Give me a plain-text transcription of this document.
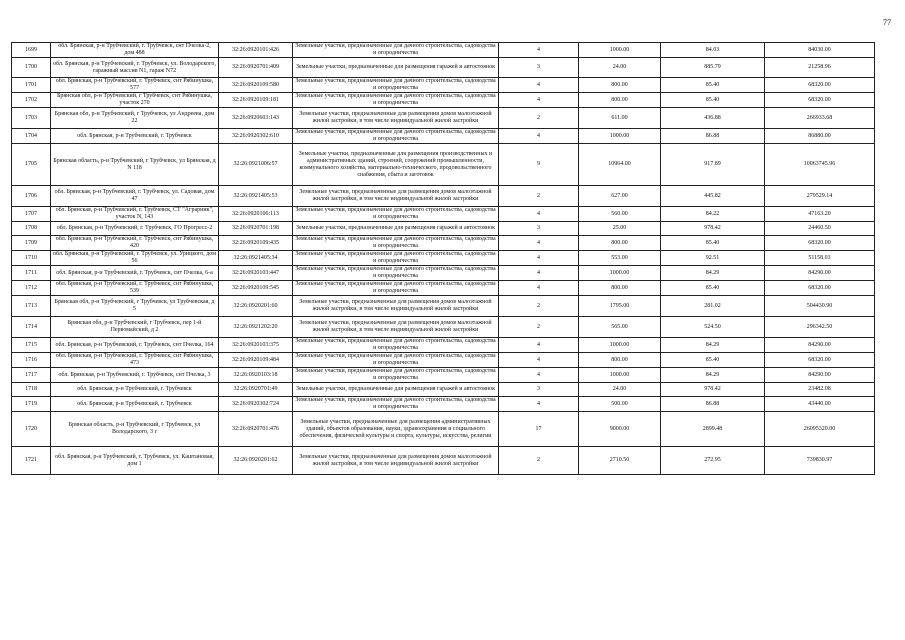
77
1699	обл. Брянская, р-н Трубчевский, г. Трубчевск, снт Пчелка-2, дом 488	32:26:0920101:426	Земельные участки, предназначенные для дачного строительства, садоводства и огородничества	4	1000.00	84.03	84030.00
1700	обл. Брянская, р-н Трубчевский, г. Трубчевск, ул. Володарского, гаражный массив N1, гараж N72	32:26:0920701:409	Земельные участки, предназначенные для размещения гаражей и автостоянок	3	24.00	885.79	21258.96
1701	обл. Брянская, р-н Трубчевский, г. Трубчевск, снт Рябинушка, 577	32:26:0920109:580	Земельные участки, предназначенные для дачного строительства, садоводства и огородничества	4	800.00	85.40	68320.00
1702	Брянская обл, р-н Трубчевский, г Трубчевск, снт Рябинушка, участок 270	32:26:0920109:181	Земельные участки, предназначенные для дачного строительства, садоводства и огородничества	4	800.00	85.40	68320.00
1703	Брянская обл, р-н Трубчевский, г Трубчевск, ул Андреева, дом 22	32:26:0920603:143	Земельные участки, предназначенные для размещения домов малоэтажной жилой застройки, в том числе индивидуальной жилой застройки	2	611.00	436.88	266933.68
1704	обл. Брянская, р-н Трубчевский, г. Трубчевск	32:26:0920302:610	Земельные участки, предназначенные для дачного строительства, садоводства и огородничества	4	1000.00	86.88	86880.00
1705	Брянская область, р-н Трубчевский, г Трубчевск, ул Брянская, д N 118	32:26:0921006:57	Земельные участки, предназначенные для размещения производственных и административных зданий, строений, сооружений промышленности, коммунального хозяйства, материально-технического, продовольственного снабжения, сбыта и заготовок	9	10964.00	917.89	10063745.96
1706	обл. Брянская, р-н Трубчевский, г. Трубчевск, ул. Садовая, дом 47	32:26:0921405:53	Земельные участки, предназначенные для размещения домов малоэтажной жилой застройки, в том числе индивидуальной жилой застройки	2	627.00	445.82	279529.14
1707	обл. Брянская, р-н Трубчевский, г. Трубчевск, СТ "Аграрник", участок N, 143	32:26:0920106:113	Земельные участки, предназначенные для дачного строительства, садоводства и огородничества	4	560.00	84.22	47163.20
1708	обл. Брянская, р-н Трубчевский, г. Трубчевск, ГО Прогресс-2	32:26:0920701:198	Земельные участки, предназначенные для размещения гаражей и автостоянок	3	25.00	978.42	24460.50
1709	обл. Брянская, р-н Трубчевский, г. Трубчевск, снт Рябинушка, 420	32:26:0920109:435	Земельные участки, предназначенные для дачного строительства, садоводства и огородничества	4	800.00	85.40	68320.00
1710	обл. Брянская, р-н Трубчевский, г. Трубчевск, ул. Урицкого, дом 56	32:26:0921405:34	Земельные участки, предназначенные для дачного строительства, садоводства и огородничества	4	553.00	92.51	51158.03
1711	обл. Брянская, р-н Трубчевский, г. Трубчевск, снт Пчелка, 6-а	32:26:0920103:447	Земельные участки, предназначенные для дачного строительства, садоводства и огородничества	4	1000.00	84.29	84290.00
1712	обл. Брянская, р-н Трубчевский, г. Трубчевск, снт Рябинушка, 539	32:26:0920109:545	Земельные участки, предназначенные для дачного строительства, садоводства и огородничества	4	800.00	85.40	68320.00
1713	Брянская обл, р-н Трубчевский, г Трубчевск, ул Трубчевская, д 5	32:26:0920201:60	Земельные участки, предназначенные для размещения домов малоэтажной жилой застройки, в том числе индивидуальной жилой застройки	2	1795.00	281.02	504430.90
1714	Брянская обл, р-н Трубчевский, г Трубчевск, пер 1-й Первомайский, д 2	32:26:0921202:20	Земельные участки, предназначенные для размещения домов малоэтажной жилой застройки, в том числе индивидуальной жилой застройки	2	565.00	524.50	296342.50
1715	обл. Брянская, р-н Трубчевский, г. Трубчевск, снт Пчелка, 164	32:26:0920103:375	Земельные участки, предназначенные для дачного строительства, садоводства и огородничества	4	1000.00	84.29	84290.00
1716	обл. Брянская, р-н Трубчевский, г. Трубчевск, снт Рябинушка, 473	32:26:0920109:484	Земельные участки, предназначенные для дачного строительства, садоводства и огородничества	4	800.00	85.40	68320.00
1717	обл. Брянская, р-н Трубчевский, г. Трубчевск, снт Пчелка, 3	32:26:0920103:18	Земельные участки, предназначенные для дачного строительства, садоводства и огородничества	4	1000.00	84.29	84290.00
1718	обл. Брянская, р-н Трубчевский, г. Трубчевск	32:26:0920701:49	Земельные участки, предназначенные для размещения гаражей и автостоянок	3	24.00	978.42	23482.08
1719	обл. Брянская, р-н Трубчевский, г. Трубчевск	32:26:0920302:724	Земельные участки, предназначенные для дачного строительства, садоводства и огородничества	4	500.00	86.88	43440.00
1720	Брянская область, р-н Трубчевский, г Трубчевск, ул Володарского, 3 г	32:26:0920701:476	Земельные участки, предназначенные для размещения административных зданий, объектов образования, науки, здравоохранения и социального обеспечения, физической культуры и спорта, культуры, искусства, религии	17	9000.00	2899.48	26095320.00
1721	обл. Брянская, р-н Трубчевский, г. Трубчевск, ул. Каштановая, дом 1	32:26:0920201:62	Земельные участки, предназначенные для размещения домов малоэтажной жилой застройки, в том числе индивидуальной жилой застройки	2	2710.50	272.95	739830.97
